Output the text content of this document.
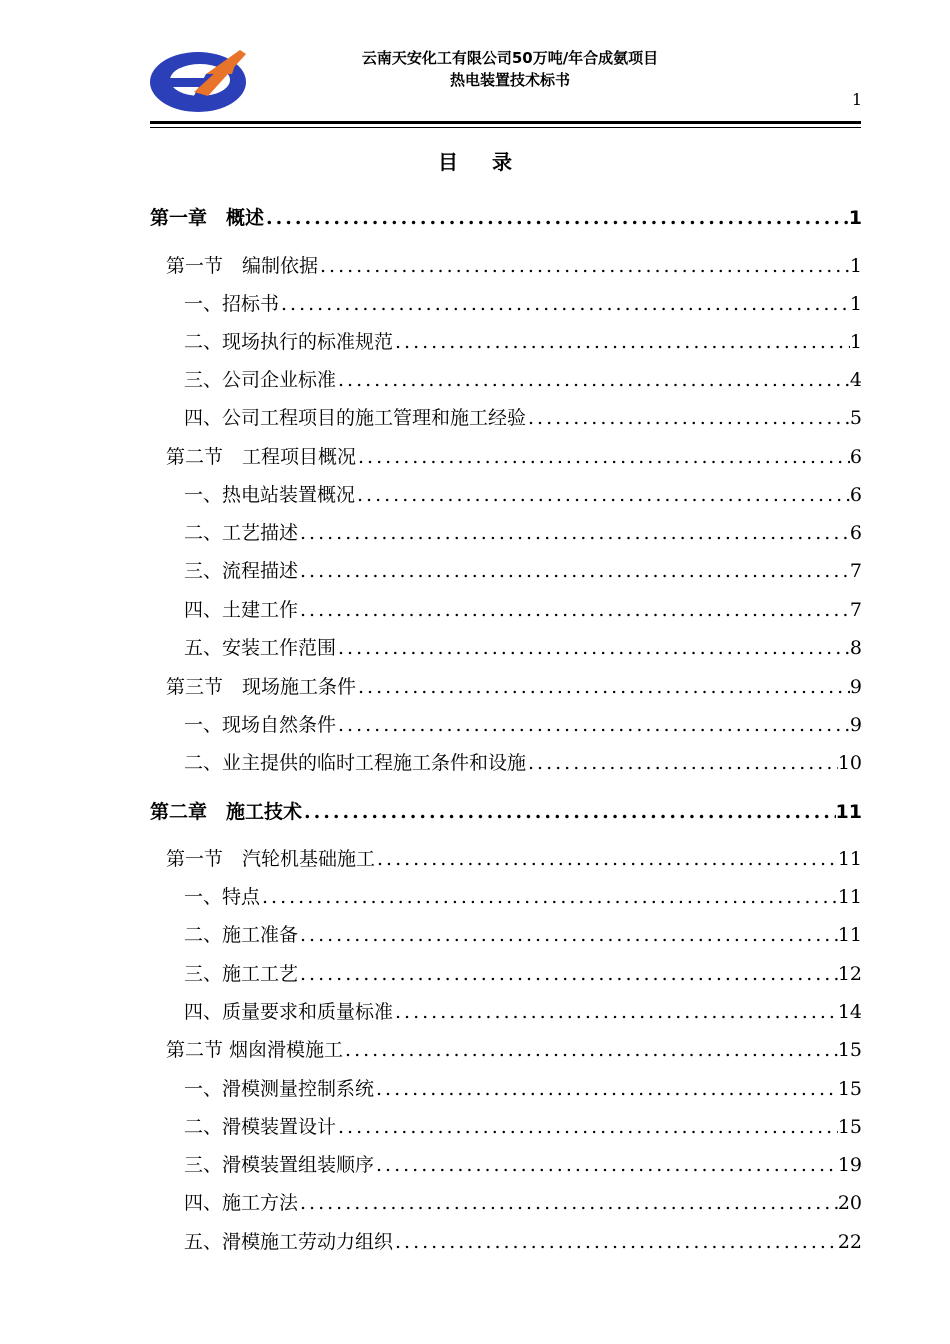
云南天安化工有限公司50万吨/年合成氨项目
热电装置技术标书
1
目录
第一章　概述 .....	1
第一节　编制依据 .....	1
一、招标书 .....	1
二、现场执行的标准规范 .....	1
三、公司企业标准 .....	4
四、公司工程项目的施工管理和施工经验 .....	5
第二节　工程项目概况 .....	6
一、热电站装置概况 .....	6
二、工艺描述 .....	6
三、流程描述 .....	7
四、土建工作 .....	7
五、安装工作范围 .....	8
第三节　现场施工条件 .....	9
一、现场自然条件 .....	9
二、业主提供的临时工程施工条件和设施 .....	10
第二章　施工技术 .....	11
第一节　汽轮机基础施工 .....	11
一、特点 .....	11
二、施工准备 .....	11
三、施工工艺 .....	12
四、质量要求和质量标准 .....	14
第二节 烟囱滑模施工 .....	15
一、滑模测量控制系统 .....	15
二、滑模装置设计 .....	15
三、滑模装置组装顺序 .....	19
四、施工方法 .....	20
五、滑模施工劳动力组织 .....	22
